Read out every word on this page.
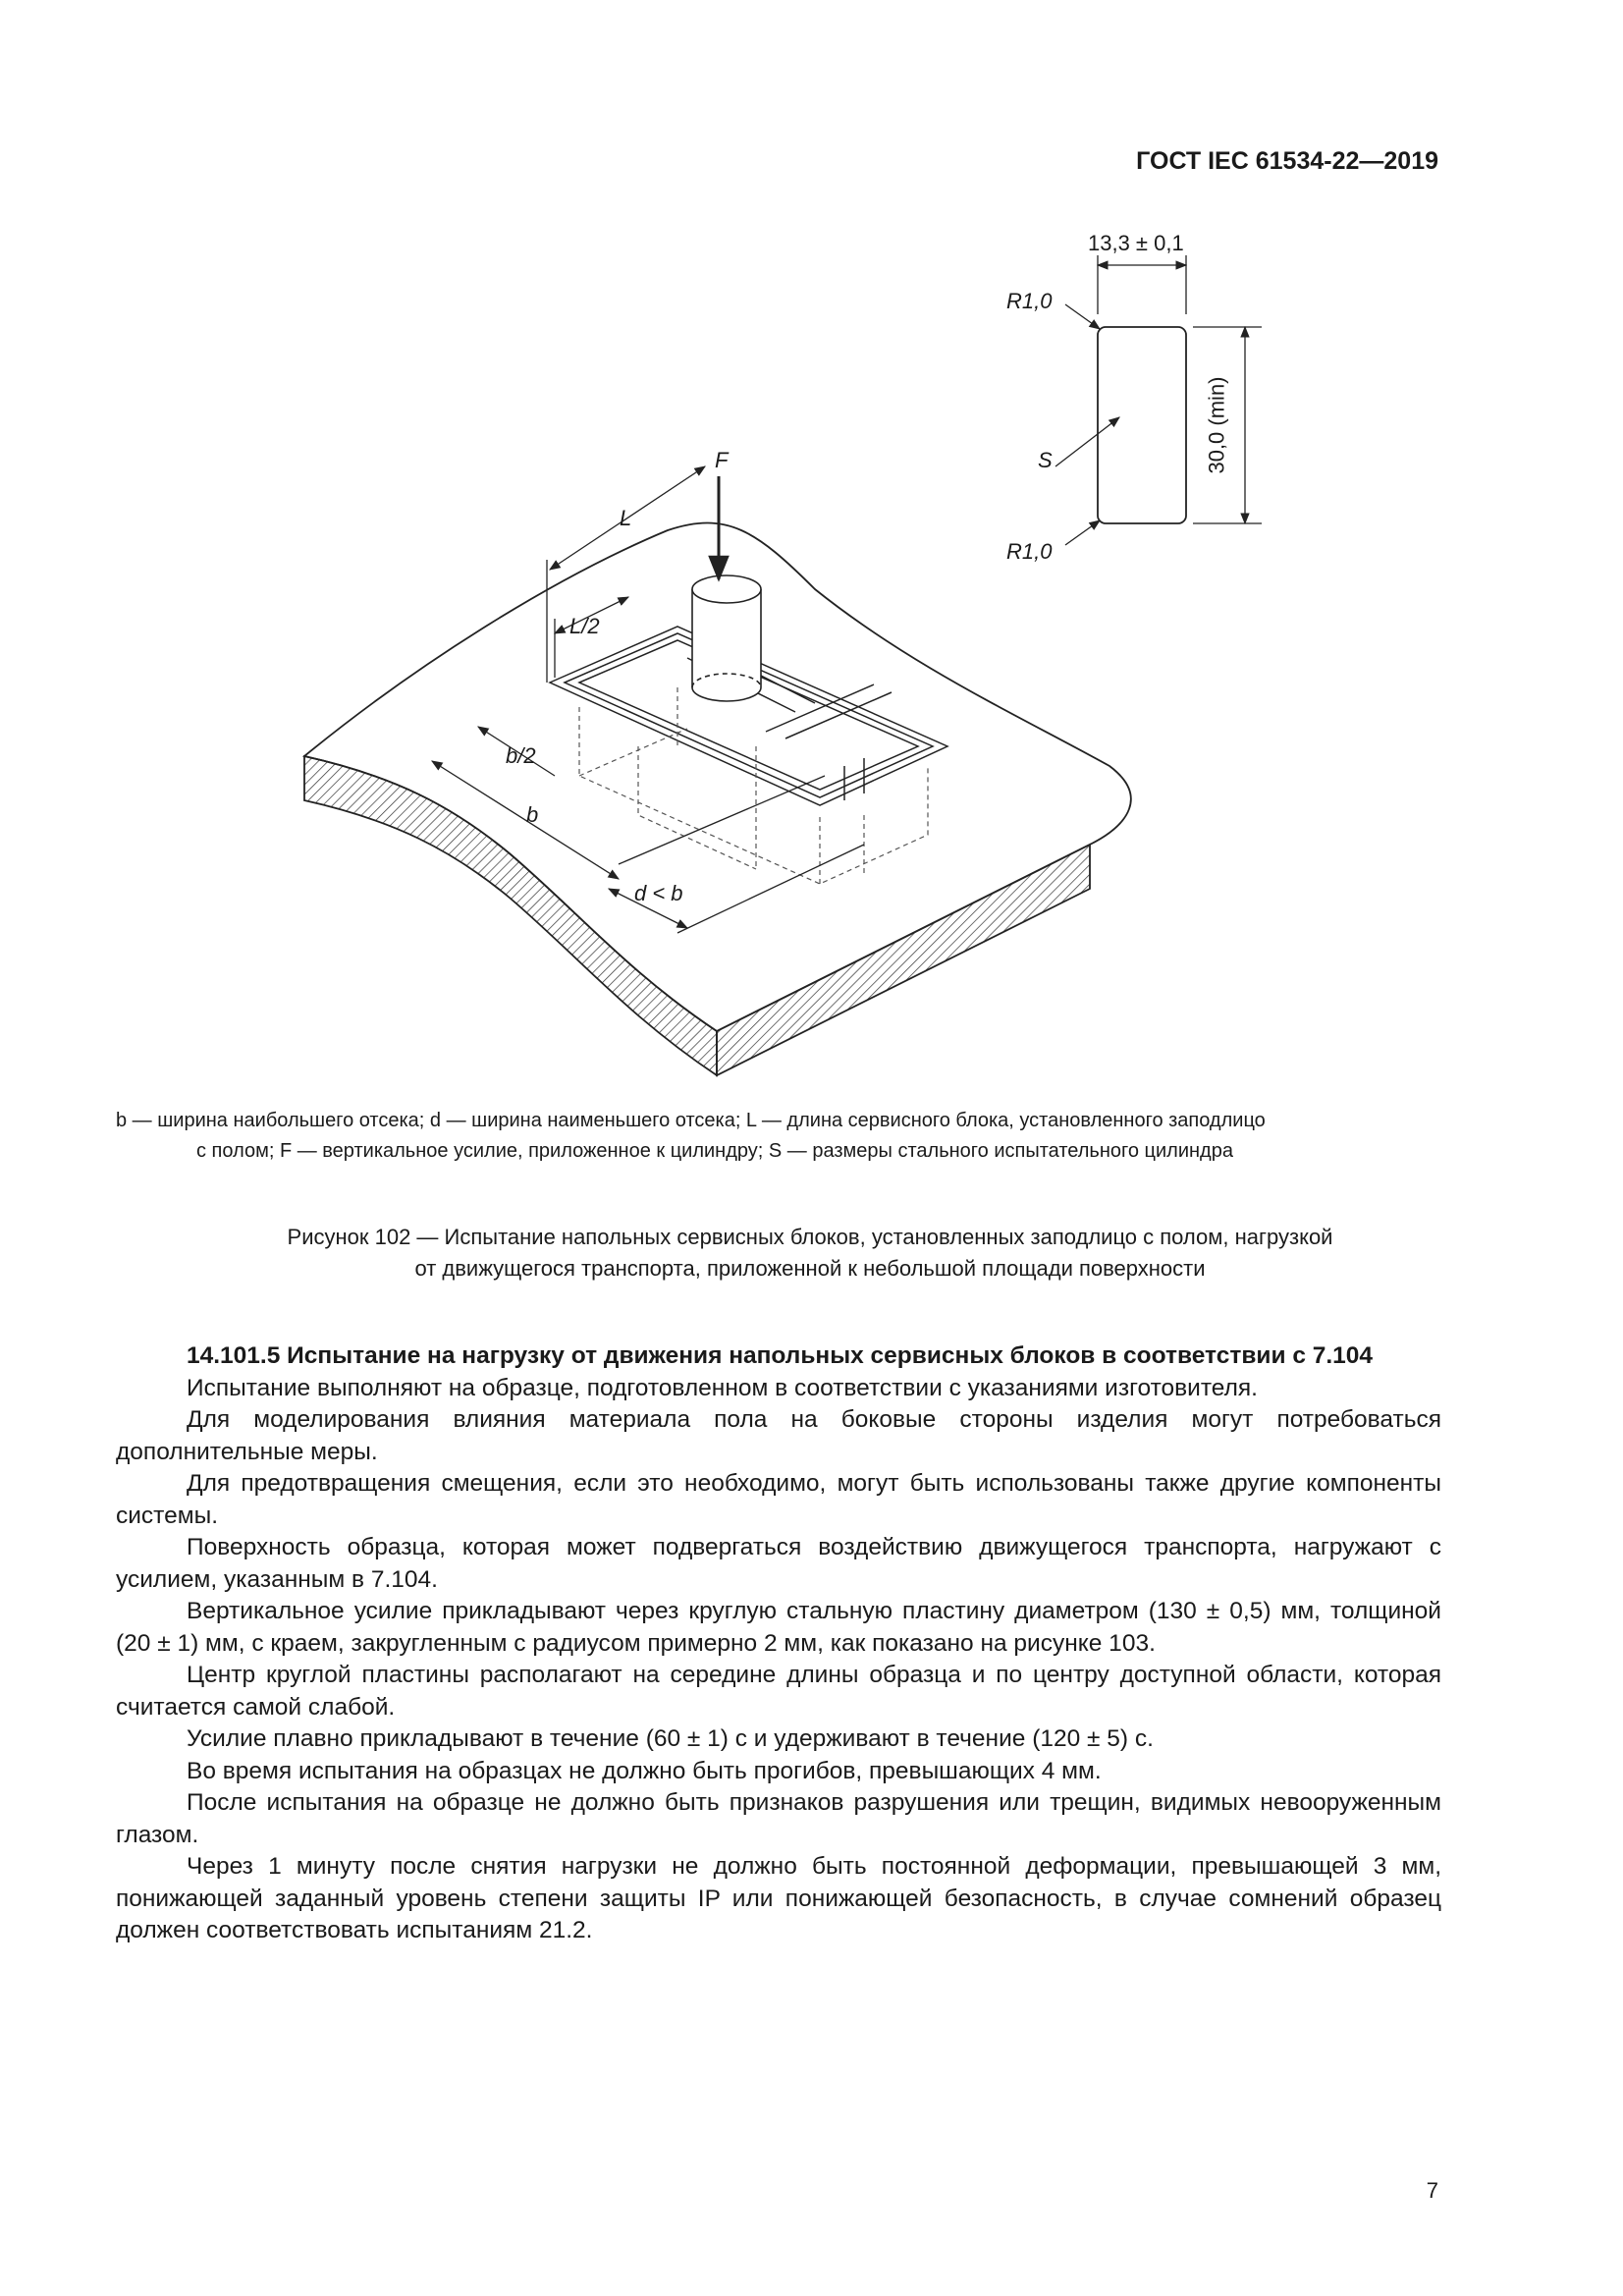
ГОСТ IEC 61534-22—2019
13,3 ± 0,1
R1,0
S
R1,0
30,0 (min)
F
L
L/2
b/2
b
d < b
b — ширина наибольшего отсека; d — ширина наименьшего отсека; L — длина сервисного блока, установленного заподлицо
с полом; F — вертикальное усилие, приложенное к цилиндру; S — размеры стального испытательного цилиндра
Рисунок 102 — Испытание напольных сервисных блоков, установленных заподлицо с полом, нагрузкой
от движущегося транспорта, приложенной к небольшой площади поверхности
14.101.5 Испытание на нагрузку от движения напольных сервисных блоков в соответствии с 7.104

Испытание выполняют на образце, подготовленном в соответствии с указаниями изготовителя.

Для моделирования влияния материала пола на боковые стороны изделия могут потребоваться дополнительные меры.

Для предотвращения смещения, если это необходимо, могут быть использованы также другие компоненты системы.

Поверхность образца, которая может подвергаться воздействию движущегося транспорта, нагружают с усилием, указанным в 7.104.

Вертикальное усилие прикладывают через круглую стальную пластину диаметром (130 ± 0,5) мм, толщиной (20 ± 1) мм, с краем, закругленным с радиусом примерно 2 мм, как показано на рисунке 103.

Центр круглой пластины располагают на середине длины образца и по центру доступной области, которая считается самой слабой.

Усилие плавно прикладывают в течение (60 ± 1) с и удерживают в течение (120 ± 5) с.

Во время испытания на образцах не должно быть прогибов, превышающих 4 мм.

После испытания на образце не должно быть признаков разрушения или трещин, видимых невооруженным глазом.

Через 1 минуту после снятия нагрузки не должно быть постоянной деформации, превышающей 3 мм, понижающей заданный уровень степени защиты IP или понижающей безопасность, в случае сомнений образец должен соответствовать испытаниям 21.2.

7
